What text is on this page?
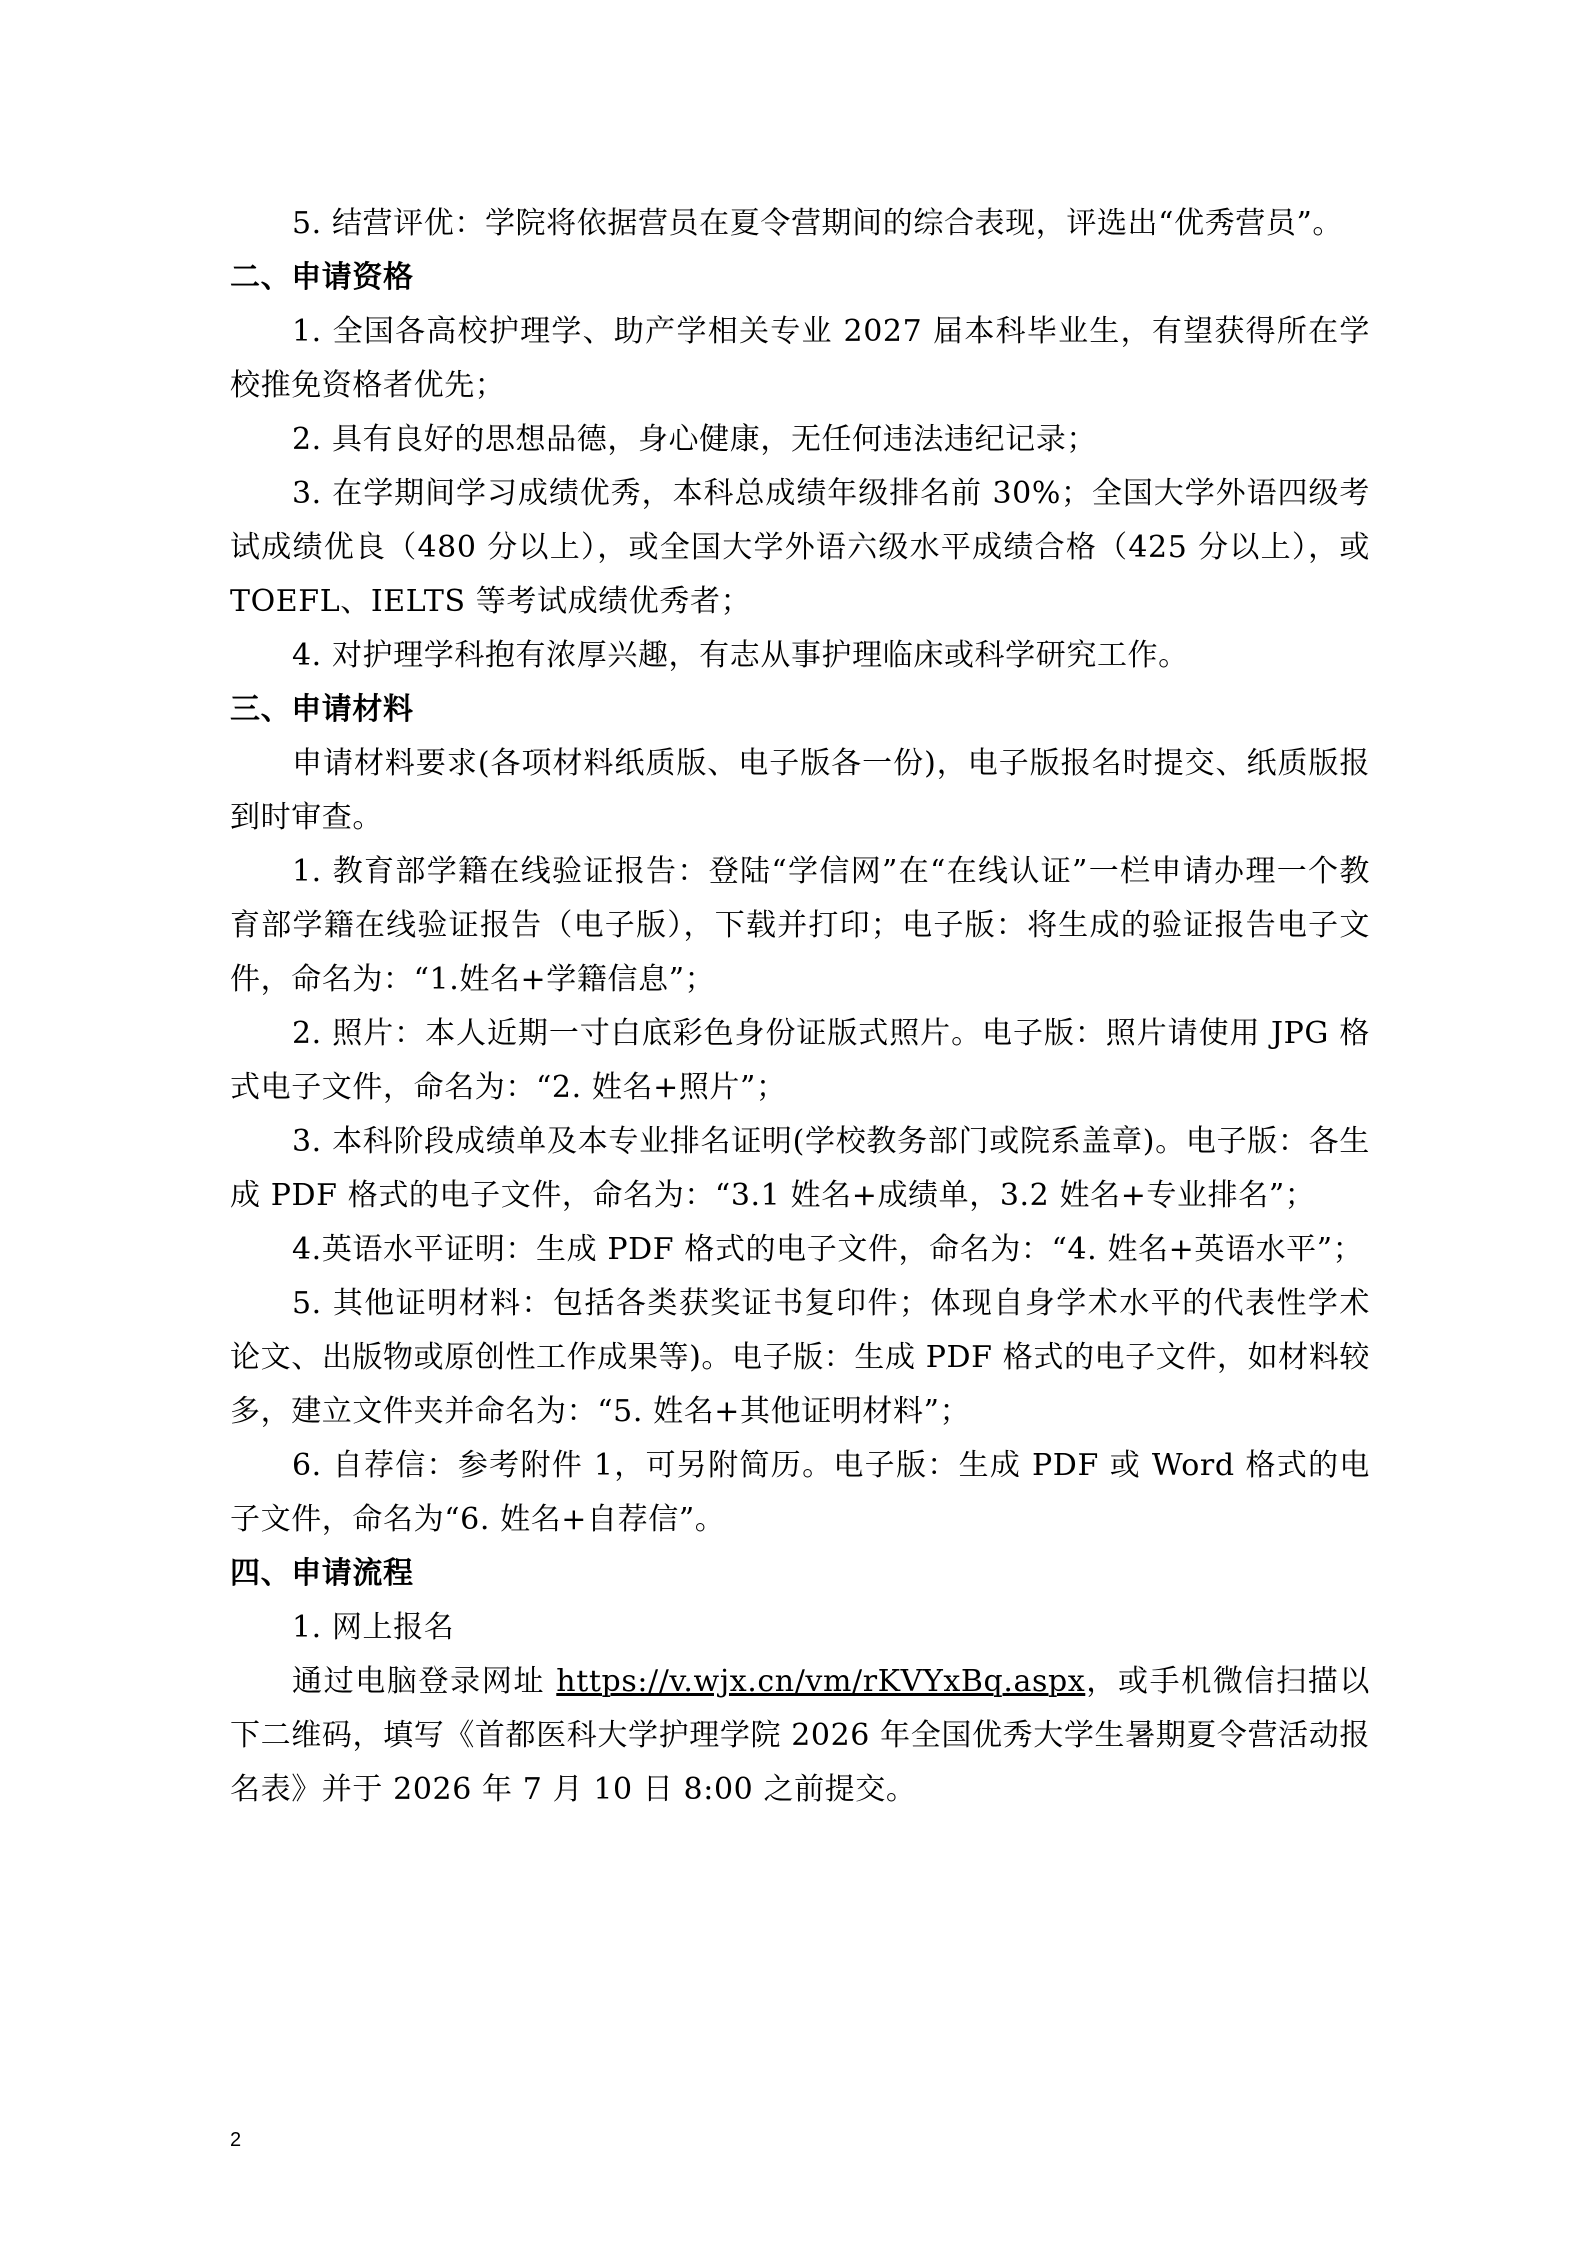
5. 结营评优：学院将依据营员在夏令营期间的综合表现，评选出“优秀营员”。

二、申请资格

1. 全国各高校护理学、助产学相关专业 2027 届本科毕业生，有望获得所在学校推免资格者优先；

2. 具有良好的思想品德，身心健康，无任何违法违纪记录；

3. 在学期间学习成绩优秀，本科总成绩年级排名前 30%；全国大学外语四级考试成绩优良（480 分以上），或全国大学外语六级水平成绩合格（425 分以上），或 TOEFL、IELTS 等考试成绩优秀者；

4. 对护理学科抱有浓厚兴趣，有志从事护理临床或科学研究工作。

三、申请材料

申请材料要求(各项材料纸质版、电子版各一份)，电子版报名时提交、纸质版报到时审查。

1. 教育部学籍在线验证报告：登陆“学信网”在“在线认证”一栏申请办理一个教育部学籍在线验证报告（电子版），下载并打印；电子版：将生成的验证报告电子文件，命名为：“1.姓名+学籍信息”；

2. 照片：本人近期一寸白底彩色身份证版式照片。电子版：照片请使用 JPG 格式电子文件，命名为：“2. 姓名+照片”；

3. 本科阶段成绩单及本专业排名证明(学校教务部门或院系盖章)。电子版：各生成 PDF 格式的电子文件，命名为：“3.1 姓名+成绩单，3.2 姓名+专业排名”；

4.英语水平证明：生成 PDF 格式的电子文件，命名为：“4. 姓名+英语水平”；

5. 其他证明材料：包括各类获奖证书复印件；体现自身学术水平的代表性学术论文、出版物或原创性工作成果等)。电子版：生成 PDF 格式的电子文件，如材料较多，建立文件夹并命名为：“5. 姓名+其他证明材料”；

6. 自荐信：参考附件 1，可另附简历。电子版：生成 PDF 或 Word 格式的电子文件，命名为“6. 姓名+自荐信”。

四、申请流程

1. 网上报名

通过电脑登录网址 https://v.wjx.cn/vm/rKVYxBq.aspx，或手机微信扫描以下二维码，填写《首都医科大学护理学院 2026 年全国优秀大学生暑期夏令营活动报名表》并于 2026 年 7 月 10 日 8:00 之前提交。

2
